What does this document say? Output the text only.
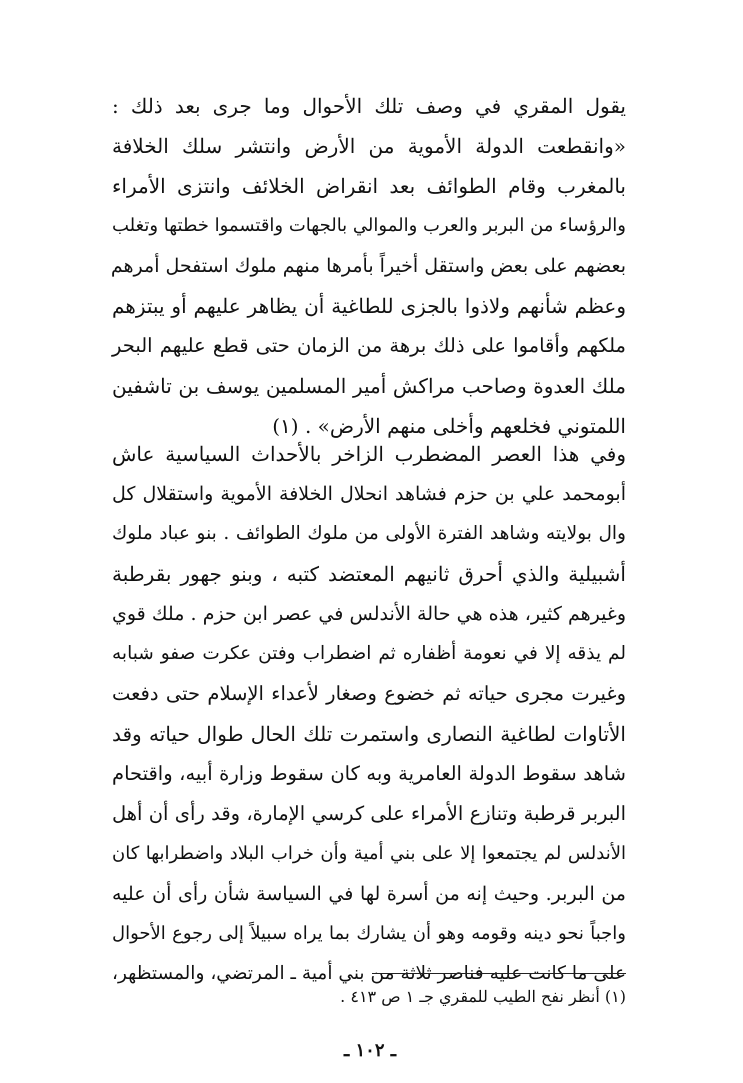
يقول المقري في وصف تلك الأحوال وما جرى بعد ذلك :
«وانقطعت الدولة الأموية من الأرض وانتشر سلك الخلافة
بالمغرب وقام الطوائف بعد انقراض الخلائف وانتزى الأمراء
والرؤساء من البربر والعرب والموالي بالجهات واقتسموا خطتها وتغلب
بعضهم على بعض واستقل أخيراً بأمرها منهم ملوك استفحل أمرهم
وعظم شأنهم ولاذوا بالجزى للطاغية أن يظاهر عليهم أو يبتزهم
ملكهم وأقاموا على ذلك برهة من الزمان حتى قطع عليهم البحر
ملك العدوة وصاحب مراكش أمير المسلمين يوسف بن تاشفين
اللمتوني فخلعهم وأخلى منهم الأرض» . (١)
وفي هذا العصر المضطرب الزاخر بالأحداث السياسية عاش
أبومحمد علي بن حزم فشاهد انحلال الخلافة الأموية واستقلال كل
وال بولايته وشاهد الفترة الأولى من ملوك الطوائف . بنو عباد ملوك
أشبيلية والذي أحرق ثانيهم المعتضد كتبه ، وبنو جهور بقرطبة
وغيرهم كثير، هذه هي حالة الأندلس في عصر ابن حزم . ملك قوي
لم يذقه إلا في نعومة أظفاره ثم اضطراب وفتن عكرت صفو شبابه
وغيرت مجرى حياته ثم خضوع وصغار لأعداء الإسلام حتى دفعت
الأتاوات لطاغية النصارى واستمرت تلك الحال طوال حياته وقد
شاهد سقوط الدولة العامرية وبه كان سقوط وزارة أبيه، واقتحام
البربر قرطبة وتنازع الأمراء على كرسي الإمارة، وقد رأى أن أهل
الأندلس لم يجتمعوا إلا على بني أمية وأن خراب البلاد واضطرابها كان
من البربر. وحيث إنه من أسرة لها في السياسة شأن رأى أن عليه
واجباً نحو دينه وقومه وهو أن يشارك بما يراه سبيلاً إلى رجوع الأحوال
على ما كانت عليه فناصر ثلاثة من بني أمية ـ المرتضي، والمستظهر،
(١) أنظر نفح الطيب للمقري جـ ١ ص ٤١٣ .
ـ ١٠٢ ـ
